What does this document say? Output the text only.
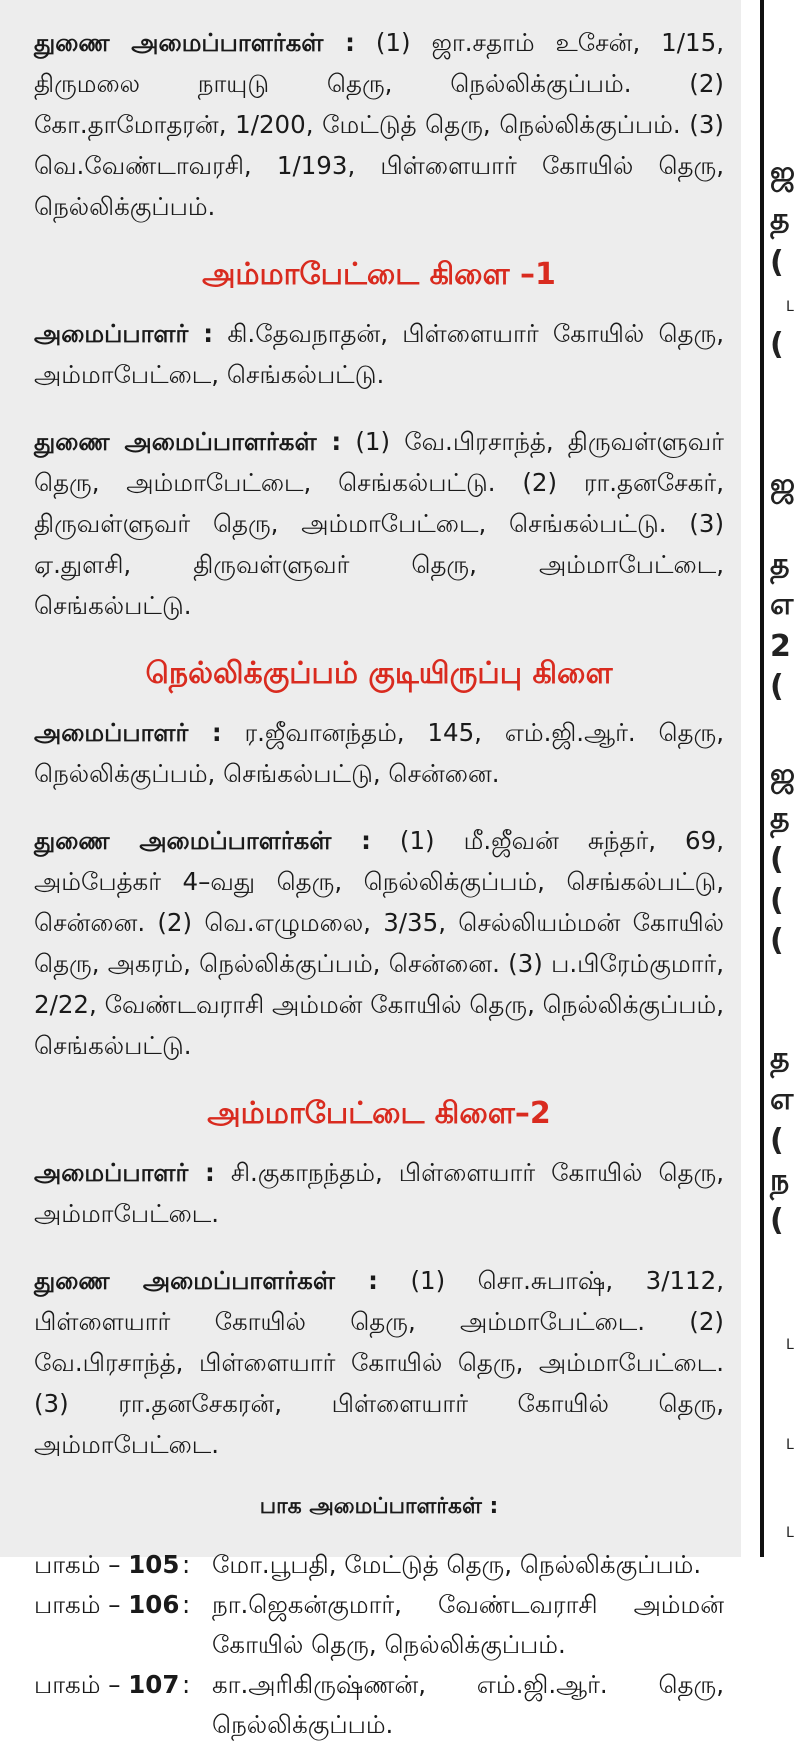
துணை அமைப்பாளர்கள் : (1) ஜா.சதாம் உசேன், 1/15, திருமலை நாயுடு தெரு, நெல்லிக்குப்பம். (2) கோ.தாமோதரன், 1/200, மேட்டுத் தெரு, நெல்லிக்குப்பம். (3) வெ.வேண்டாவரசி, 1/193, பிள்ளையார் கோயில் தெரு, நெல்லிக்குப்பம்.

அம்மாபேட்டை கிளை –1

அமைப்பாளர் : கி.தேவநாதன், பிள்ளையார் கோயில் தெரு, அம்மாபேட்டை, செங்கல்பட்டு.

துணை அமைப்பாளர்கள் : (1) வே.பிரசாந்த், திருவள்ளுவர் தெரு, அம்மாபேட்டை, செங்கல்பட்டு. (2) ரா.தனசேகர், திருவள்ளுவர் தெரு, அம்மாபேட்டை, செங்கல்பட்டு. (3) ஏ.துளசி, திருவள்ளுவர் தெரு, அம்மாபேட்டை, செங்கல்பட்டு.

நெல்லிக்குப்பம் குடியிருப்பு கிளை

அமைப்பாளர் : ர.ஜீவானந்தம், 145, எம்.ஜி.ஆர். தெரு, நெல்லிக்குப்பம், செங்கல்பட்டு, சென்னை.

துணை அமைப்பாளர்கள் : (1) மீ.ஜீவன் சுந்தர், 69, அம்பேத்கர் 4–வது தெரு, நெல்லிக்குப்பம், செங்கல்பட்டு, சென்னை. (2) வெ.எழுமலை, 3/35, செல்லியம்மன் கோயில் தெரு, அகரம், நெல்லிக்குப்பம், சென்னை. (3) ப.பிரேம்குமார், 2/22, வேண்டவராசி அம்மன் கோயில் தெரு, நெல்லிக்குப்பம், செங்கல்பட்டு.

அம்மாபேட்டை கிளை–2

அமைப்பாளர் : சி.குகாநந்தம், பிள்ளையார் கோயில் தெரு, அம்மாபேட்டை.

துணை அமைப்பாளர்கள் : (1) சொ.சுபாஷ், 3/112, பிள்ளையார் கோயில் தெரு, அம்மாபேட்டை. (2) வே.பிரசாந்த், பிள்ளையார் கோயில் தெரு, அம்மாபேட்டை. (3) ரா.தனசேகரன், பிள்ளையார் கோயில் தெரு, அம்மாபேட்டை.

பாக அமைப்பாளர்கள் :
பாகம் – 105 : மோ.பூபதி, மேட்டுத் தெரு, நெல்லிக்குப்பம்.
பாகம் – 106 : நா.ஜெகன்குமார், வேண்டவராசி அம்மன் கோயில் தெரு, நெல்லிக்குப்பம்.
பாகம் – 107 : கா.அரிகிருஷ்ணன், எம்.ஜி.ஆர். தெரு, நெல்லிக்குப்பம்.
ஜ
த
(
L
(
ஜ
த
எ
2
(
ஜ
த
(
(
(
த
எ
(
ந
(
L
L
L
